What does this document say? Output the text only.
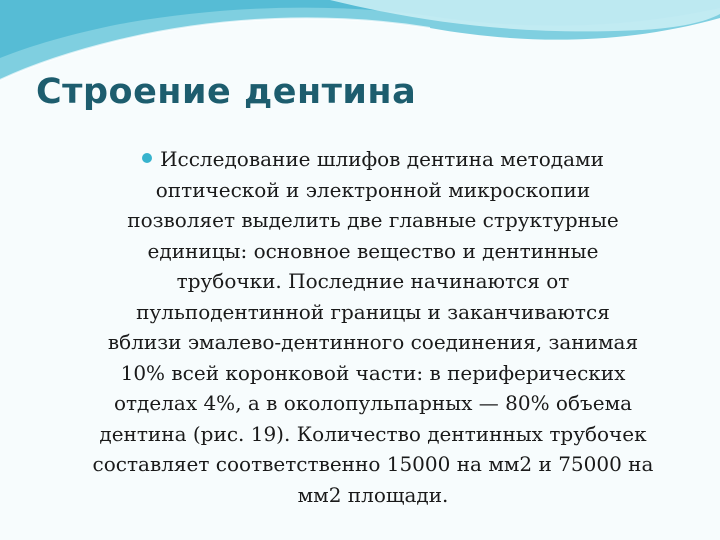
Строение дентина
Исследование шлифов дентина методами
оптической и электронной микроскопии
позволяет выделить две главные структурные
единицы: основное вещество и дентинные
трубочки. Последние начинаются от
пульподентинной границы и заканчиваются
вблизи эмалево-дентинного соединения, занимая
10% всей коронковой части: в периферических
отделах 4%, а в околопульпарных — 80% объема
дентина (рис. 19). Количество дентинных трубочек
составляет соответственно 15000 на мм2 и 75000 на
мм2 площади.
